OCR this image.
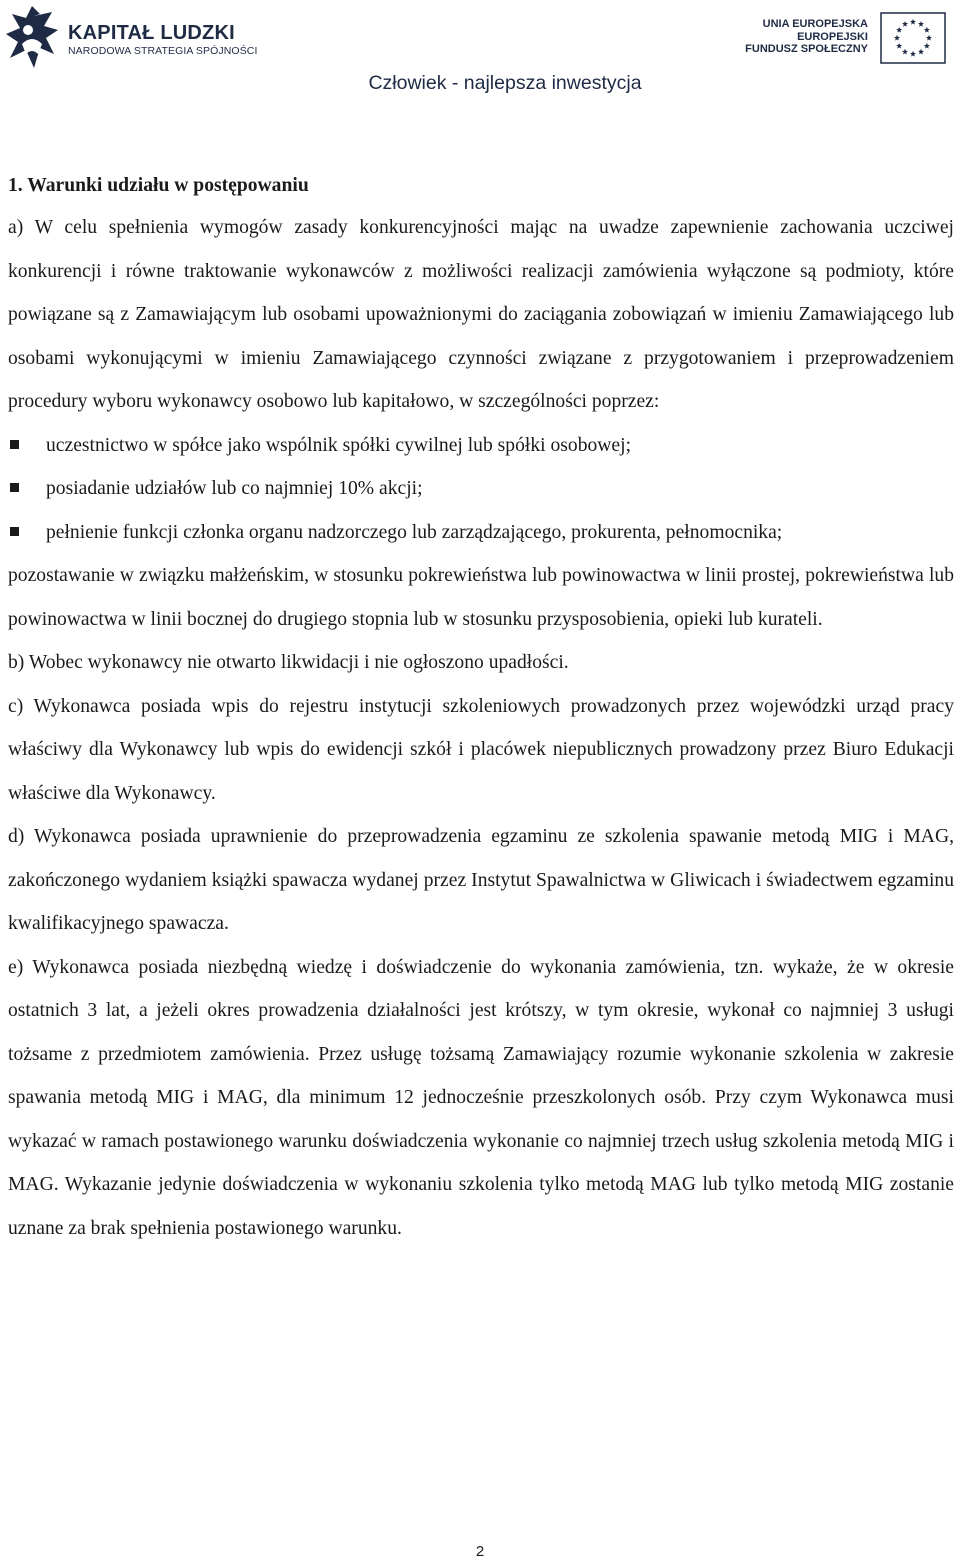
KAPITAŁ LUDZKI
NARODOWA STRATEGIA SPÓJNOŚCI
UNIA EUROPEJSKA
EUROPEJSKI
FUNDUSZ SPOŁECZNY
Człowiek - najlepsza inwestycja

1. Warunki udziału w postępowaniu

a) W celu spełnienia wymogów zasady konkurencyjności mając na uwadze zapewnienie zachowania uczciwej konkurencji i równe traktowanie wykonawców z możliwości realizacji zamówienia wyłączone są podmioty, które powiązane są z Zamawiającym lub osobami upoważnionymi do zaciągania zobowiązań w imieniu Zamawiającego lub osobami wykonującymi w imieniu Zamawiającego czynności związane z przygotowaniem i przeprowadzeniem procedury wyboru wykonawcy osobowo lub kapitałowo, w szczególności poprzez:

uczestnictwo w spółce jako wspólnik spółki cywilnej lub spółki osobowej;
posiadanie udziałów lub co najmniej 10% akcji;
pełnienie funkcji członka organu nadzorczego lub zarządzającego, prokurenta, pełnomocnika;

pozostawanie w związku małżeńskim, w stosunku pokrewieństwa lub powinowactwa w linii prostej, pokrewieństwa lub powinowactwa w linii bocznej do drugiego stopnia lub w stosunku przysposobienia, opieki lub kurateli.

b) Wobec wykonawcy nie otwarto likwidacji i nie ogłoszono upadłości.

c) Wykonawca posiada wpis do rejestru instytucji szkoleniowych prowadzonych przez wojewódzki urząd pracy właściwy dla Wykonawcy lub wpis do ewidencji szkół i placówek niepublicznych prowadzony przez Biuro Edukacji właściwe dla Wykonawcy.

d) Wykonawca posiada uprawnienie do przeprowadzenia egzaminu ze szkolenia spawanie metodą MIG i MAG, zakończonego wydaniem książki spawacza wydanej przez Instytut Spawalnictwa w Gliwicach i świadectwem egzaminu kwalifikacyjnego spawacza.

e) Wykonawca posiada niezbędną wiedzę i doświadczenie do wykonania zamówienia, tzn. wykaże, że w okresie ostatnich 3 lat, a jeżeli okres prowadzenia działalności jest krótszy, w tym okresie, wykonał co najmniej 3 usługi tożsame z przedmiotem zamówienia. Przez usługę tożsamą Zamawiający rozumie wykonanie szkolenia w zakresie spawania metodą MIG i MAG, dla minimum 12 jednocześnie przeszkolonych osób. Przy czym Wykonawca musi wykazać w ramach postawionego warunku doświadczenia wykonanie co najmniej trzech usług szkolenia metodą MIG i MAG. Wykazanie jedynie doświadczenia w wykonaniu szkolenia tylko metodą MAG lub tylko metodą MIG zostanie uznane za brak spełnienia postawionego warunku.

2
